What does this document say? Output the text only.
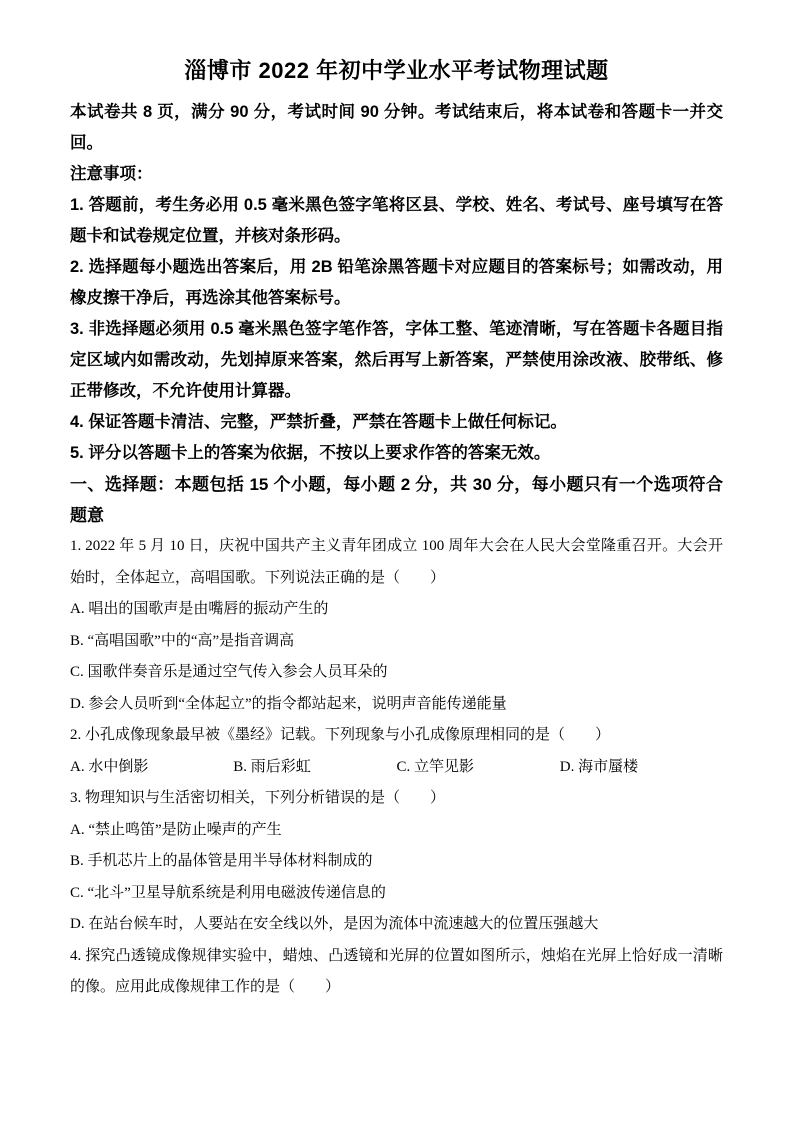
淄博市 2022 年初中学业水平考试物理试题

本试卷共 8 页，满分 90 分，考试时间 90 分钟。考试结束后，将本试卷和答题卡一并交回。

注意事项：

1. 答题前，考生务必用 0.5 毫米黑色签字笔将区县、学校、姓名、考试号、座号填写在答题卡和试卷规定位置，并核对条形码。

2. 选择题每小题选出答案后，用 2B 铅笔涂黑答题卡对应题目的答案标号；如需改动，用橡皮擦干净后，再选涂其他答案标号。

3. 非选择题必须用 0.5 毫米黑色签字笔作答，字体工整、笔迹清晰，写在答题卡各题目指定区域内如需改动，先划掉原来答案，然后再写上新答案，严禁使用涂改液、胶带纸、修正带修改，不允许使用计算器。

4. 保证答题卡清洁、完整，严禁折叠，严禁在答题卡上做任何标记。

5. 评分以答题卡上的答案为依据，不按以上要求作答的答案无效。

一、选择题：本题包括 15 个小题，每小题 2 分，共 30 分，每小题只有一个选项符合题意

1. 2022 年 5 月 10 日，庆祝中国共产主义青年团成立 100 周年大会在人民大会堂隆重召开。大会开始时，全体起立，高唱国歌。下列说法正确的是（　　）

A. 唱出的国歌声是由嘴唇的振动产生的

B. “高唱国歌”中的“高”是指音调高

C. 国歌伴奏音乐是通过空气传入参会人员耳朵的

D. 参会人员听到“全体起立”的指令都站起来，说明声音能传递能量

2. 小孔成像现象最早被《墨经》记载。下列现象与小孔成像原理相同的是（　　）

A. 水中倒影	B. 雨后彩虹	C. 立竿见影	D. 海市蜃楼

3. 物理知识与生活密切相关，下列分析错误的是（　　）

A. “禁止鸣笛”是防止噪声的产生

B. 手机芯片上的晶体管是用半导体材料制成的

C. “北斗”卫星导航系统是利用电磁波传递信息的

D. 在站台候车时，人要站在安全线以外，是因为流体中流速越大的位置压强越大

4. 探究凸透镜成像规律实验中，蜡烛、凸透镜和光屏的位置如图所示，烛焰在光屏上恰好成一清晰的像。应用此成像规律工作的是（　　）
